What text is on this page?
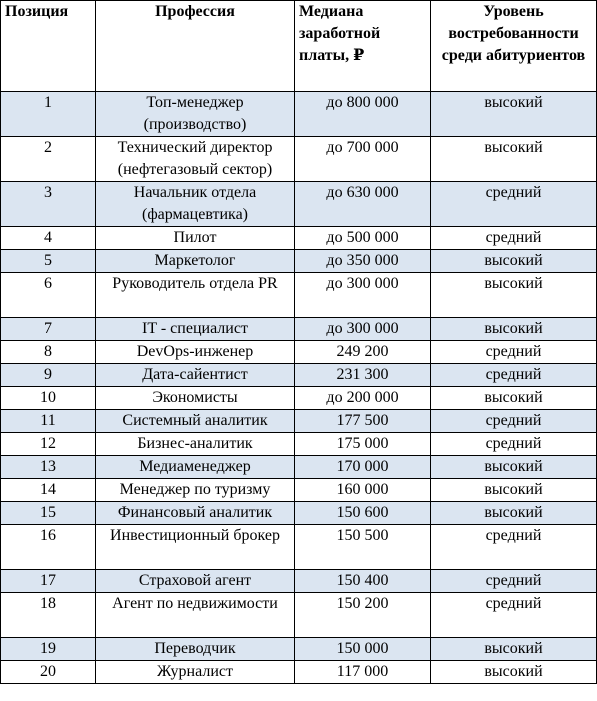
Позиция	Профессия	Медиана заработной платы, ₽	Уровень востребованности среди абитуриентов
1	Топ-менеджер (производство)	до 800 000	высокий
2	Технический директор (нефтегазовый сектор)	до 700 000	высокий
3	Начальник отдела (фармацевтика)	до 630 000	средний
4	Пилот	до 500 000	средний
5	Маркетолог	до 350 000	высокий
6	Руководитель отдела PR	до 300 000	высокий
7	IT - специалист	до 300 000	высокий
8	DevOps-инженер	249 200	средний
9	Дата-сайентист	231 300	средний
10	Экономисты	до 200 000	высокий
11	Системный аналитик	177 500	средний
12	Бизнес-аналитик	175 000	средний
13	Медиаменеджер	170 000	высокий
14	Менеджер по туризму	160 000	высокий
15	Финансовый аналитик	150 600	высокий
16	Инвестиционный брокер	150 500	средний
17	Страховой агент	150 400	средний
18	Агент по недвижимости	150 200	средний
19	Переводчик	150 000	высокий
20	Журналист	117 000	высокий
